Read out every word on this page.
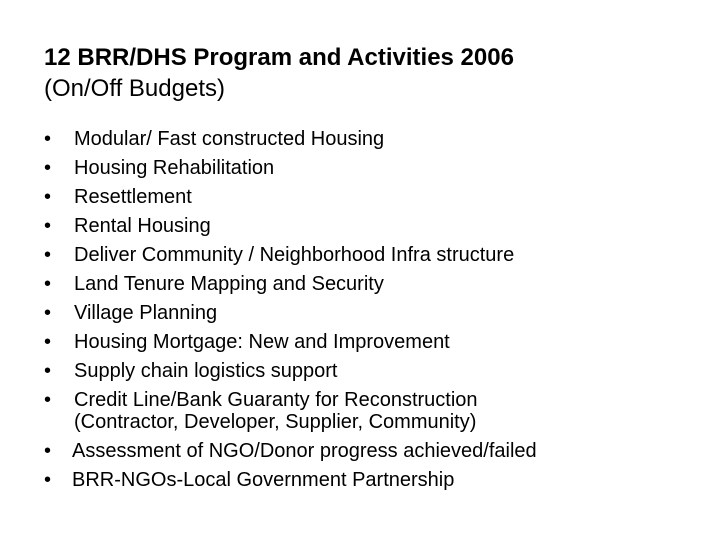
12 BRR/DHS Program and Activities 2006
(On/Off Budgets)
• Modular/ Fast constructed Housing
• Housing Rehabilitation
• Resettlement
• Rental Housing
• Deliver Community / Neighborhood Infra structure
• Land Tenure Mapping and Security
• Village Planning
• Housing Mortgage: New and Improvement
• Supply chain logistics support
• Credit Line/Bank Guaranty for Reconstruction
(Contractor, Developer, Supplier, Community)
• Assessment of NGO/Donor progress achieved/failed
• BRR-NGOs-Local Government Partnership
